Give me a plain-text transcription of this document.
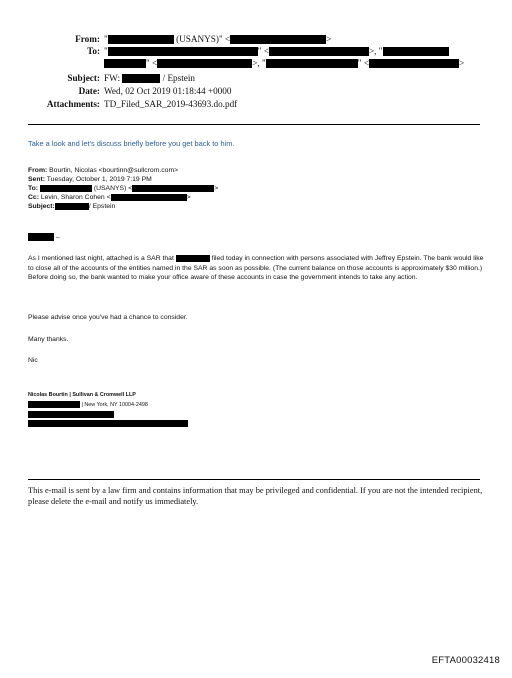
From: "	(USANYS)" <	>
To: "	" <	>, "
" <	>, "	" <	>
Subject: FW:	/ Epstein
Date: Wed, 02 Oct 2019 01:18:44 +0000
Attachments: TD_Filed_SAR_2019-43693.do.pdf
Take a look and let's discuss briefly before you get back to him.
From: Bourtin, Nicolas <bourtinn@sullcrom.com>
Sent: Tuesday, October 1, 2019 7:19 PM
To:	(USANYS) <	>
Cc: Levin, Sharon Cohen <	>
Subject:	/ Epstein
–
As I mentioned last night, attached is a SAR that	filed today in connection with persons associated with Jeffrey Epstein. The bank would like to close all of the accounts of the entities named in the SAR as soon as possible. (The current balance on those accounts is approximately $30 million.) Before doing so, the bank wanted to make your office aware of these accounts in case the government intends to take any action.
Please advise once you've had a chance to consider.
Many thanks.
Nic
Nicolas Bourtin | Sullivan & Cromwell LLP
| New York, NY 10004-2498
This e-mail is sent by a law firm and contains information that may be privileged and confidential. If you are not the intended recipient, please delete the e-mail and notify us immediately.
EFTA00032418
